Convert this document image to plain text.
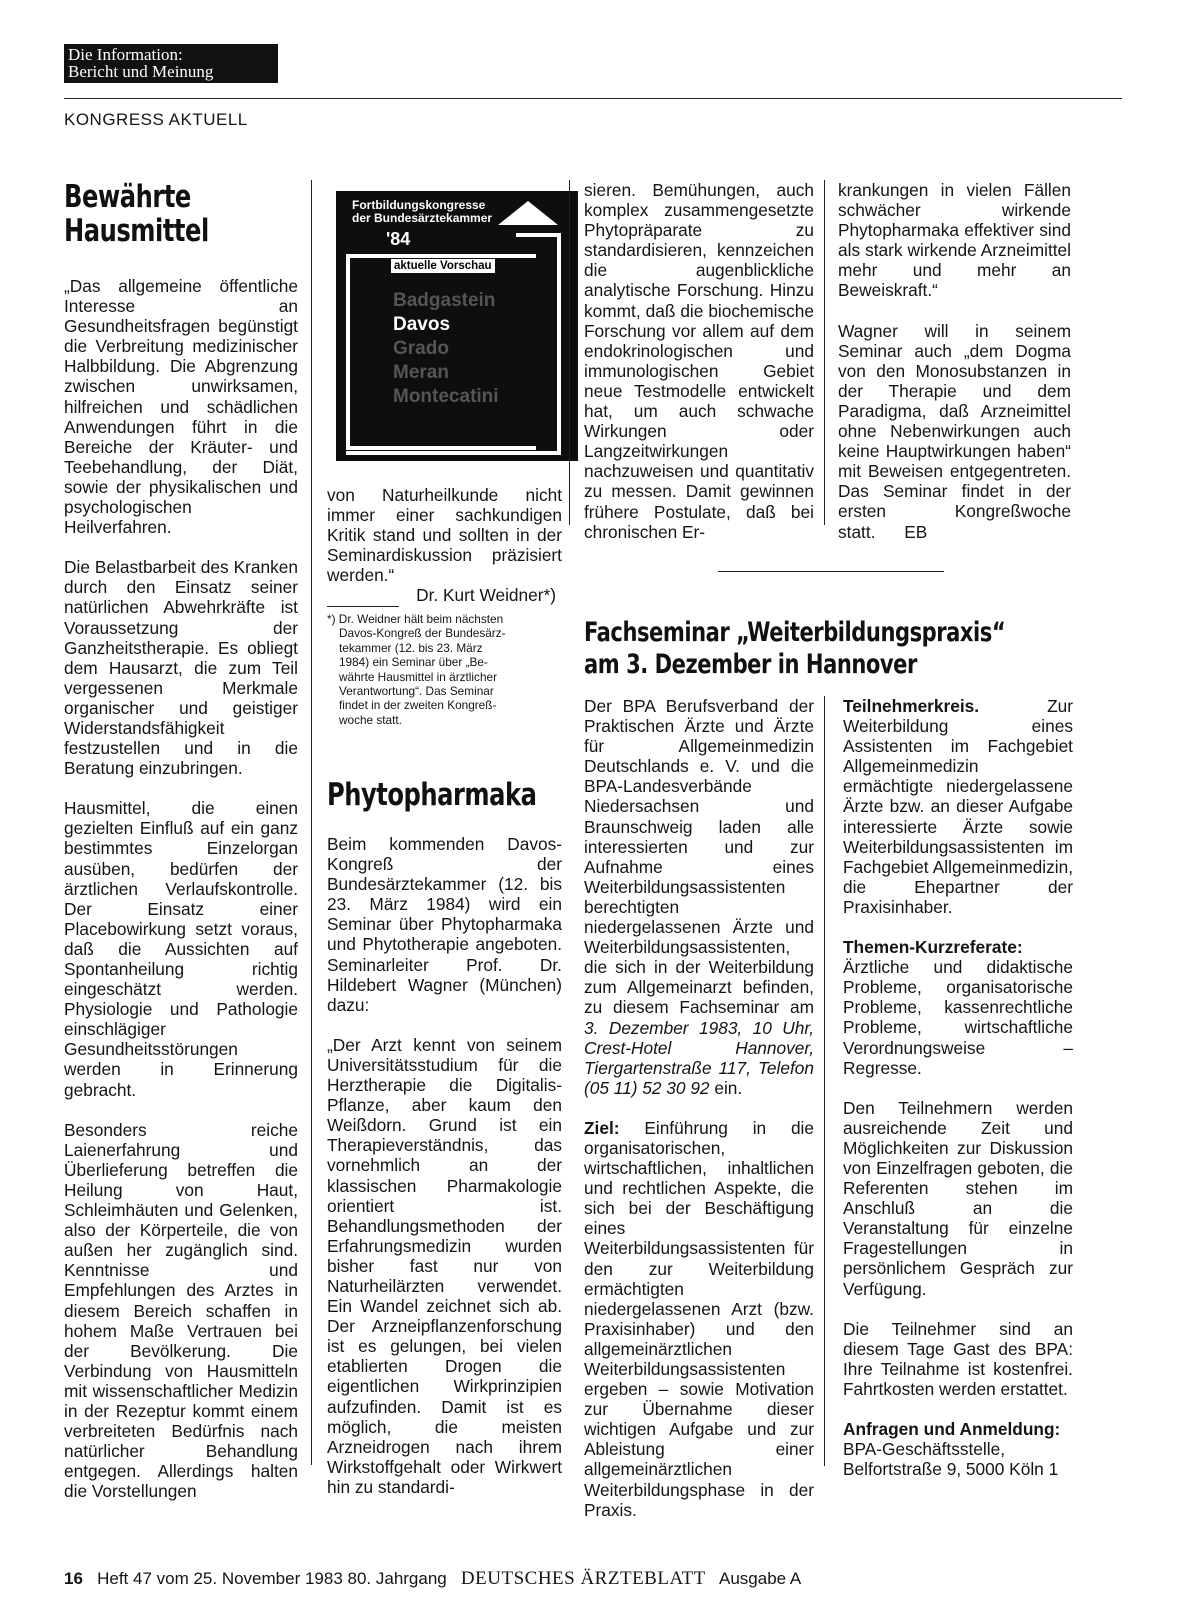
Die Information:
Bericht und Meinung
KONGRESS AKTUELL
Bewährte
Hausmittel

„Das allgemeine öffentliche Interesse an Gesundheitsfragen begünstigt die Verbreitung medizinischer Halbbildung. Die Abgrenzung zwischen unwirksamen, hilfreichen und schädlichen Anwendungen führt in die Bereiche der Kräuter- und Teebehandlung, der Diät, sowie der physikalischen und psychologischen Heilverfahren.

Die Belastbarbeit des Kranken durch den Einsatz seiner natürlichen Abwehrkräfte ist Voraussetzung der Ganzheitstherapie. Es obliegt dem Hausarzt, die zum Teil vergessenen Merkmale organischer und geistiger Widerstandsfähigkeit festzustellen und in die Beratung einzubringen.

Hausmittel, die einen gezielten Einfluß auf ein ganz bestimmtes Einzelorgan ausüben, bedürfen der ärztlichen Verlaufskontrolle. Der Einsatz einer Placebowirkung setzt voraus, daß die Aussichten auf Spontanheilung richtig eingeschätzt werden. Physiologie und Pathologie einschlägiger Gesundheitsstörungen werden in Erinnerung gebracht.

Besonders reiche Laienerfahrung und Überlieferung betreffen die Heilung von Haut, Schleimhäuten und Gelenken, also der Körperteile, die von außen her zugänglich sind. Kenntnisse und Empfehlungen des Arztes in diesem Bereich schaffen in hohem Maße Vertrauen bei der Bevölkerung. Die Verbindung von Hausmitteln mit wissenschaftlicher Medizin in der Rezeptur kommt einem verbreiteten Bedürfnis nach natürlicher Behandlung entgegen. Allerdings halten die Vorstellungen

Fortbildungskongresse
der Bundesärztekammer
'84
aktuelle Vorschau
Badgastein
Davos
Grado
Meran
Montecatini

von Naturheilkunde nicht immer einer sachkundigen Kritik stand und sollten in der Seminardiskussion präzisiert werden.“

Dr. Kurt Weidner*)
*) Dr. Weidner hält beim nächsten
Davos-Kongreß der Bundesärz-
tekammer (12. bis 23. März
1984) ein Seminar über „Be-
währte Hausmittel in ärztlicher
Verantwortung“. Das Seminar
findet in der zweiten Kongreß-
woche statt.
Phytopharmaka

Beim kommenden Davos-Kongreß der Bundesärztekammer (12. bis 23. März 1984) wird ein Seminar über Phytopharmaka und Phytotherapie angeboten. Seminarleiter Prof. Dr. Hildebert Wagner (München) dazu:

„Der Arzt kennt von seinem Universitätsstudium für die Herztherapie die Digitalis-Pflanze, aber kaum den Weißdorn. Grund ist ein Therapieverständnis, das vornehmlich an der klassischen Pharmakologie orientiert ist. Behandlungsmethoden der Erfahrungsmedizin wurden bisher fast nur von Naturheilärzten verwendet. Ein Wandel zeichnet sich ab. Der Arzneipflanzenforschung ist es gelungen, bei vielen etablierten Drogen die eigentlichen Wirkprinzipien aufzufinden. Damit ist es möglich, die meisten Arzneidrogen nach ihrem Wirkstoffgehalt oder Wirkwert hin zu standardi-

sieren. Bemühungen, auch komplex zusammengesetzte Phytopräparate zu standardisieren, kennzeichen die augenblickliche analytische Forschung. Hinzu kommt, daß die biochemische Forschung vor allem auf dem endokrinologischen und immunologischen Gebiet neue Testmodelle entwickelt hat, um auch schwache Wirkungen oder Langzeitwirkungen nachzuweisen und quantitativ zu messen. Damit gewinnen frühere Postulate, daß bei chronischen Er-

krankungen in vielen Fällen schwächer wirkende Phytopharmaka effektiver sind als stark wirkende Arzneimittel mehr und mehr an Beweiskraft.“

Wagner will in seinem Seminar auch „dem Dogma von den Monosubstanzen in der Therapie und dem Paradigma, daß Arzneimittel ohne Nebenwirkungen auch keine Hauptwirkungen haben“ mit Beweisen entgegentreten. Das Seminar findet in der ersten Kongreßwoche statt. EB

Fachseminar „Weiterbildungspraxis“
am 3. Dezember in Hannover

Der BPA Berufsverband der Praktischen Ärzte und Ärzte für Allgemeinmedizin Deutschlands e. V. und die BPA-Landesverbände Niedersachsen und Braunschweig laden alle interessierten und zur Aufnahme eines Weiterbildungsassistenten berechtigten niedergelassenen Ärzte und Weiterbildungsassistenten, die sich in der Weiterbildung zum Allgemeinarzt befinden, zu diesem Fachseminar am 3. Dezember 1983, 10 Uhr, Crest-Hotel Hannover, Tiergartenstraße 117, Telefon (05 11) 52 30 92 ein.

Ziel: Einführung in die organisatorischen, wirtschaftlichen, inhaltlichen und rechtlichen Aspekte, die sich bei der Beschäftigung eines Weiterbildungsassistenten für den zur Weiterbildung ermächtigten niedergelassenen Arzt (bzw. Praxisinhaber) und den allgemeinärztlichen Weiterbildungsassistenten ergeben – sowie Motivation zur Übernahme dieser wichtigen Aufgabe und zur Ableistung einer allgemeinärztlichen Weiterbildungsphase in der Praxis.

Teilnehmerkreis.	Zur Weiterbildung eines Assistenten im Fachgebiet Allgemeinmedizin ermächtigte niedergelassene Ärzte bzw. an dieser Aufgabe interessierte Ärzte sowie Weiterbildungsassistenten im Fachgebiet Allgemeinmedizin, die Ehepartner der Praxisinhaber.

Themen-Kurzreferate:
Ärztliche und didaktische Probleme, organisatorische Probleme, kassenrechtliche Probleme, wirtschaftliche Verordnungsweise – Regresse.

Den Teilnehmern werden ausreichende Zeit und Möglichkeiten zur Diskussion von Einzelfragen geboten, die Referenten stehen im Anschluß an die Veranstaltung für einzelne Fragestellungen in persönlichem Gespräch zur Verfügung.

Die Teilnehmer sind an diesem Tage Gast des BPA: Ihre Teilnahme ist kostenfrei. Fahrtkosten werden erstattet.

Anfragen und Anmeldung:
BPA-Geschäftsstelle, Belfortstraße 9, 5000 Köln 1

16 Heft 47 vom 25. November 1983 80. Jahrgang DEUTSCHES ÄRZTEBLATT Ausgabe A
